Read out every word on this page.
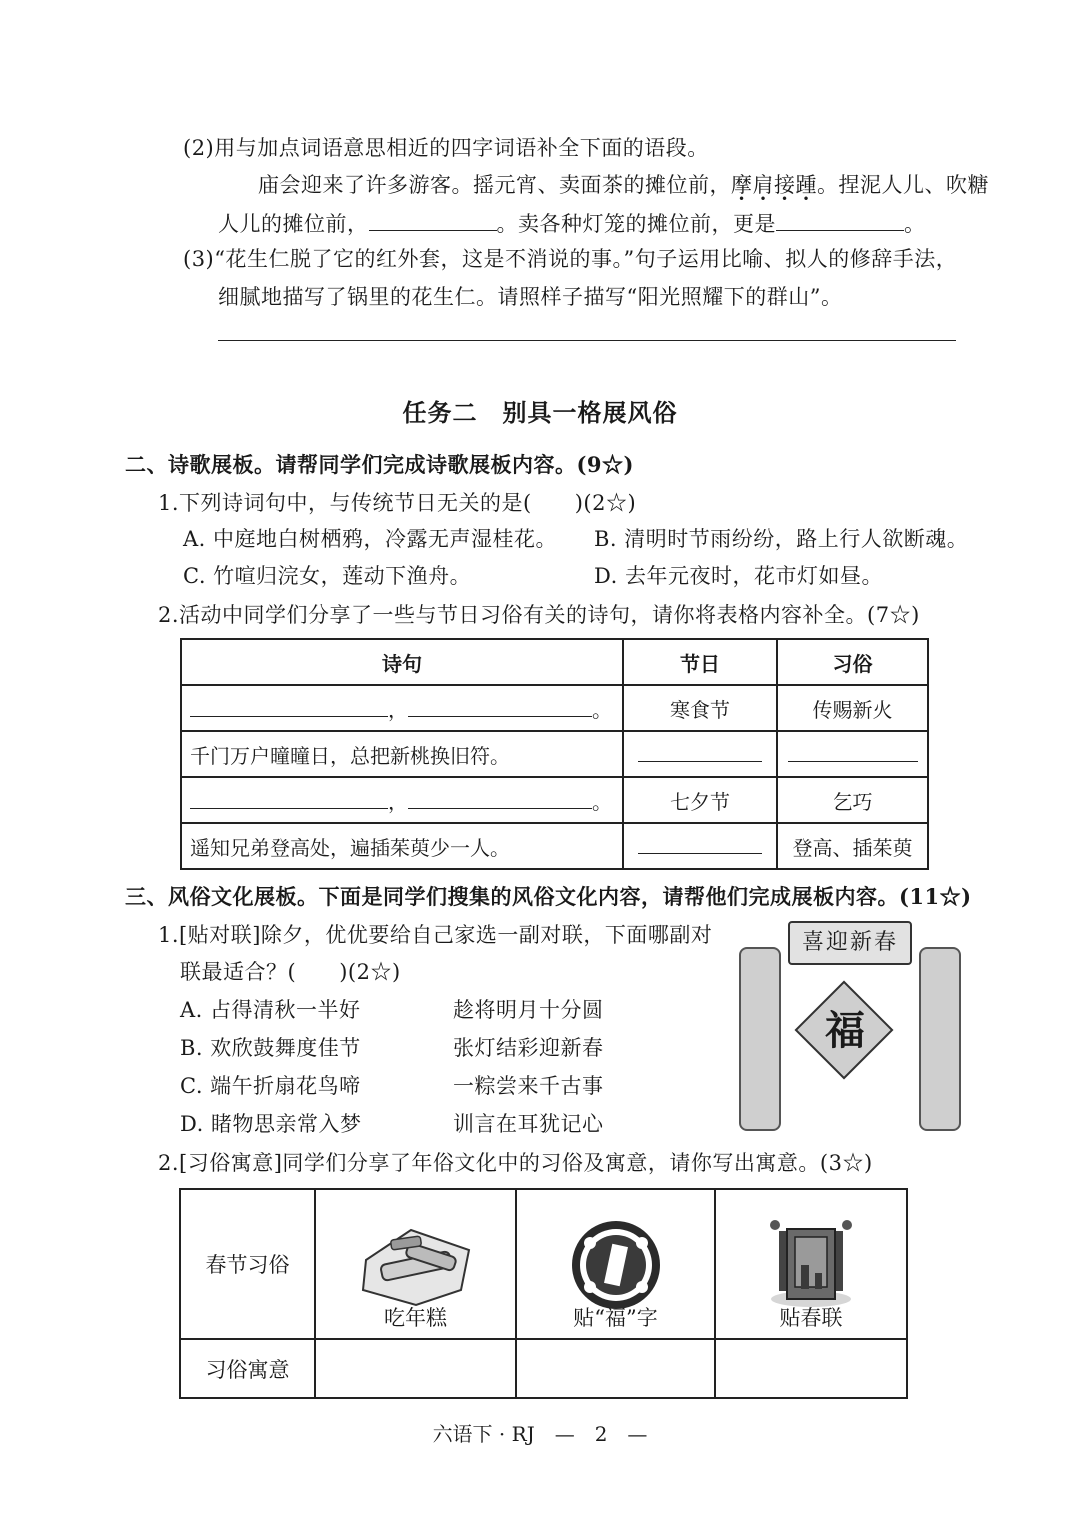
(2)用与加点词语意思相近的四字词语补全下面的语段。
庙会迎来了许多游客。摇元宵、卖面茶的摊位前，摩肩接踵。捏泥人儿、吹糖
人儿的摊位前，	。卖各种灯笼的摊位前，更是	。
(3)“花生仁脱了它的红外套，这是不消说的事。”句子运用比喻、拟人的修辞手法，
细腻地描写了锅里的花生仁。请照样子描写“阳光照耀下的群山”。
任务二　别具一格展风俗
二、诗歌展板。请帮同学们完成诗歌展板内容。(9☆)
1.下列诗词句中，与传统节日无关的是(　　)(2☆)
A. 中庭地白树栖鸦，冷露无声湿桂花。 B. 清明时节雨纷纷，路上行人欲断魂。
C. 竹喧归浣女，莲动下渔舟。	D. 去年元夜时，花市灯如昼。
2.活动中同学们分享了一些与节日习俗有关的诗句，请你将表格内容补全。(7☆)
诗句	节日	习俗
， 。	寒食节	传赐新火
千门万户曈曈日，总把新桃换旧符。		
， 。	七夕节	乞巧
遥知兄弟登高处，遍插茱萸少一人。		登高、插茱萸
三、风俗文化展板。下面是同学们搜集的风俗文化内容，请帮他们完成展板内容。(11☆)
1.[贴对联]除夕，优优要给自己家选一副对联，下面哪副对
联最适合？(　　)(2☆)
A. 占得清秋一半好	趁将明月十分圆
B. 欢欣鼓舞度佳节	张灯结彩迎新春
C. 端午折扇花鸟啼	一粽尝来千古事
D. 睹物思亲常入梦	训言在耳犹记心
喜迎新春
福
2.[习俗寓意]同学们分享了年俗文化中的习俗及寓意，请你写出寓意。(3☆)
春节习俗	吃年糕	贴“福”字	贴春联

习俗寓意			
六语下 · RJ　—　2　—
